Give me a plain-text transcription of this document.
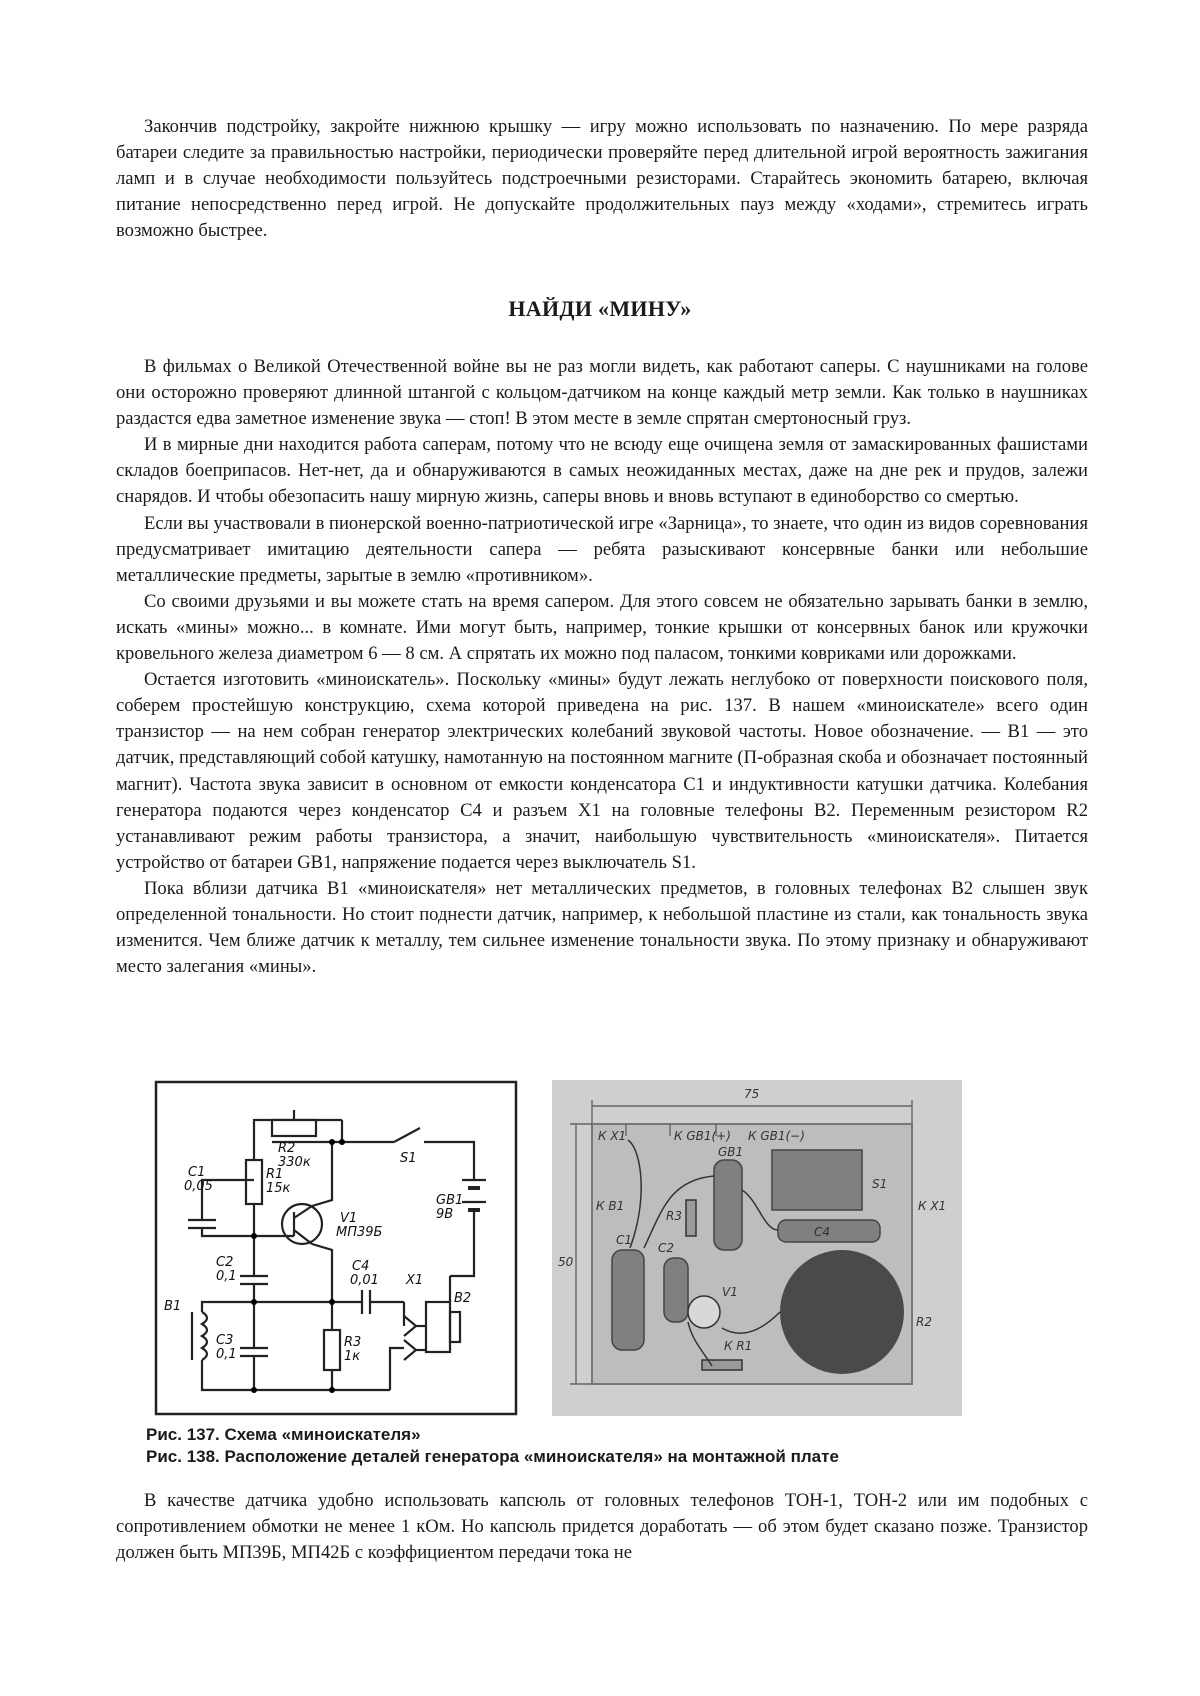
Закончив подстройку, закройте нижнюю крышку — игру можно использовать по назначению. По мере разряда батареи следите за правильностью настройки, периодически проверяйте перед длительной игрой вероятность зажигания ламп и в случае необходимости пользуйтесь подстроечными резисторами. Старайтесь экономить батарею, включая питание непосредственно перед игрой. Не допускайте продолжительных пауз между «ходами», стремитесь играть возможно быстрее.

НАЙДИ «МИНУ»

В фильмах о Великой Отечественной войне вы не раз могли видеть, как работают саперы. С наушниками на голове они осторожно проверяют длинной штангой с кольцом-датчиком на конце каждый метр земли. Как только в наушниках раздастся едва заметное изменение звука — стоп! В этом месте в земле спрятан смертоносный груз.

И в мирные дни находится работа саперам, потому что не всюду еще очищена земля от замаскированных фашистами складов боеприпасов. Нет-нет, да и обнаруживаются в самых неожиданных местах, даже на дне рек и прудов, залежи снарядов. И чтобы обезопасить нашу мирную жизнь, саперы вновь и вновь вступают в единоборство со смертью.

Если вы участвовали в пионерской военно-патриотической игре «Зарница», то знаете, что один из видов соревнования предусматривает имитацию деятельности сапера — ребята разыскивают консервные банки или небольшие металлические предметы, зарытые в землю «противником».

Со своими друзьями и вы можете стать на время сапером. Для этого совсем не обязательно зарывать банки в землю, искать «мины» можно... в комнате. Ими могут быть, например, тонкие крышки от консервных банок или кружочки кровельного железа диаметром 6 — 8 см. А спрятать их можно под паласом, тонкими ковриками или дорожками.

Остается изготовить «миноискатель». Поскольку «мины» будут лежать неглубоко от поверхности поискового поля, соберем простейшую конструкцию, схема которой приведена на рис. 137. В нашем «миноискателе» всего один транзистор — на нем собран генератор электрических колебаний звуковой частоты. Новое обозначение. — B1 — это датчик, представляющий собой катушку, намотанную на постоянном магните (П-образная скоба и обозначает постоянный магнит). Частота звука зависит в основном от емкости конденсатора C1 и индуктивности катушки датчика. Колебания генератора подаются через конденсатор С4 и разъем X1 на головные телефоны B2. Переменным резистором R2 устанавливают режим работы транзистора, а значит, наибольшую чувствительность «миноискателя». Питается устройство от батареи GB1, напряжение подается через выключатель S1.

Пока вблизи датчика B1 «миноискателя» нет металлических предметов, в головных телефонах B2 слышен звук определенной тональности. Но стоит поднести датчик, например, к небольшой пластине из стали, как тональность звука изменится. Чем ближе датчик к металлу, тем сильнее изменение тональности звука. По этому признаку и обнаруживают место залегания «мины».

R2
330к	S1
C1
0,05
R1
15к
V1
МП39Б
GB1
9В
C2
0,1
C4
0,01
B1
X1
B2
C3
0,1
R3
1к
75
50
К Х1	К GB1(+) К GB1(−)
К B1	К Х1
GB1
R3
S1
C4
C1
C2
V1
R2
К R1
Рис. 137. Схема «миноискателя»
Рис. 138. Расположение деталей генератора «миноискателя» на монтажной плате

В качестве датчика удобно использовать капсюль от головных телефонов ТОН-1, ТОН-2 или им подобных с сопротивлением обмотки не менее 1 кОм. Но капсюль придется доработать — об этом будет сказано позже. Транзистор должен быть МП39Б, МП42Б с коэффициентом передачи тока не
